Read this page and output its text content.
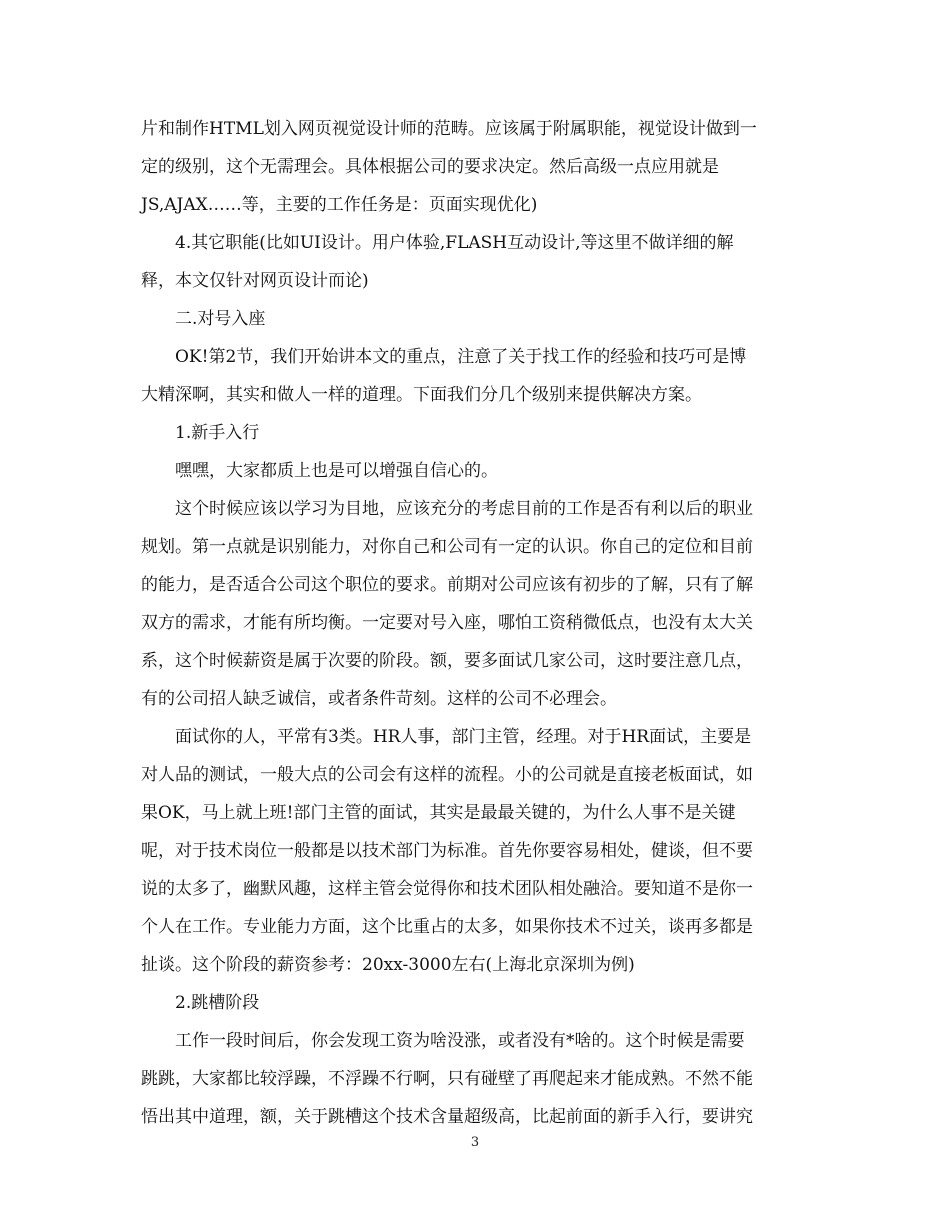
片和制作HTML划入网页视觉设计师的范畴。应该属于附属职能，视觉设计做到一
定的级别，这个无需理会。具体根据公司的要求决定。然后高级一点应用就是
JS,AJAX……等，主要的工作任务是：页面实现优化)
4.其它职能(比如UI设计。用户体验,FLASH互动设计,等这里不做详细的解
释，本文仅针对网页设计而论)
二.对号入座
OK!第2节，我们开始讲本文的重点，注意了关于找工作的经验和技巧可是博
大精深啊，其实和做人一样的道理。下面我们分几个级别来提供解决方案。
1.新手入行
嘿嘿，大家都质上也是可以增强自信心的。
这个时候应该以学习为目地，应该充分的考虑目前的工作是否有利以后的职业
规划。第一点就是识别能力，对你自己和公司有一定的认识。你自己的定位和目前
的能力，是否适合公司这个职位的要求。前期对公司应该有初步的了解，只有了解
双方的需求，才能有所均衡。一定要对号入座，哪怕工资稍微低点，也没有太大关
系，这个时候薪资是属于次要的阶段。额，要多面试几家公司，这时要注意几点，
有的公司招人缺乏诚信，或者条件苛刻。这样的公司不必理会。
面试你的人，平常有3类。HR人事，部门主管，经理。对于HR面试，主要是
对人品的测试，一般大点的公司会有这样的流程。小的公司就是直接老板面试，如
果OK，马上就上班!部门主管的面试，其实是最最关键的，为什么人事不是关键
呢，对于技术岗位一般都是以技术部门为标准。首先你要容易相处，健谈，但不要
说的太多了，幽默风趣，这样主管会觉得你和技术团队相处融洽。要知道不是你一
个人在工作。专业能力方面，这个比重占的太多，如果你技术不过关，谈再多都是
扯谈。这个阶段的薪资参考：20xx-3000左右(上海北京深圳为例)
2.跳槽阶段
工作一段时间后，你会发现工资为啥没涨，或者没有*啥的。这个时候是需要
跳跳，大家都比较浮躁，不浮躁不行啊，只有碰壁了再爬起来才能成熟。不然不能
悟出其中道理，额，关于跳槽这个技术含量超级高，比起前面的新手入行，要讲究
3
